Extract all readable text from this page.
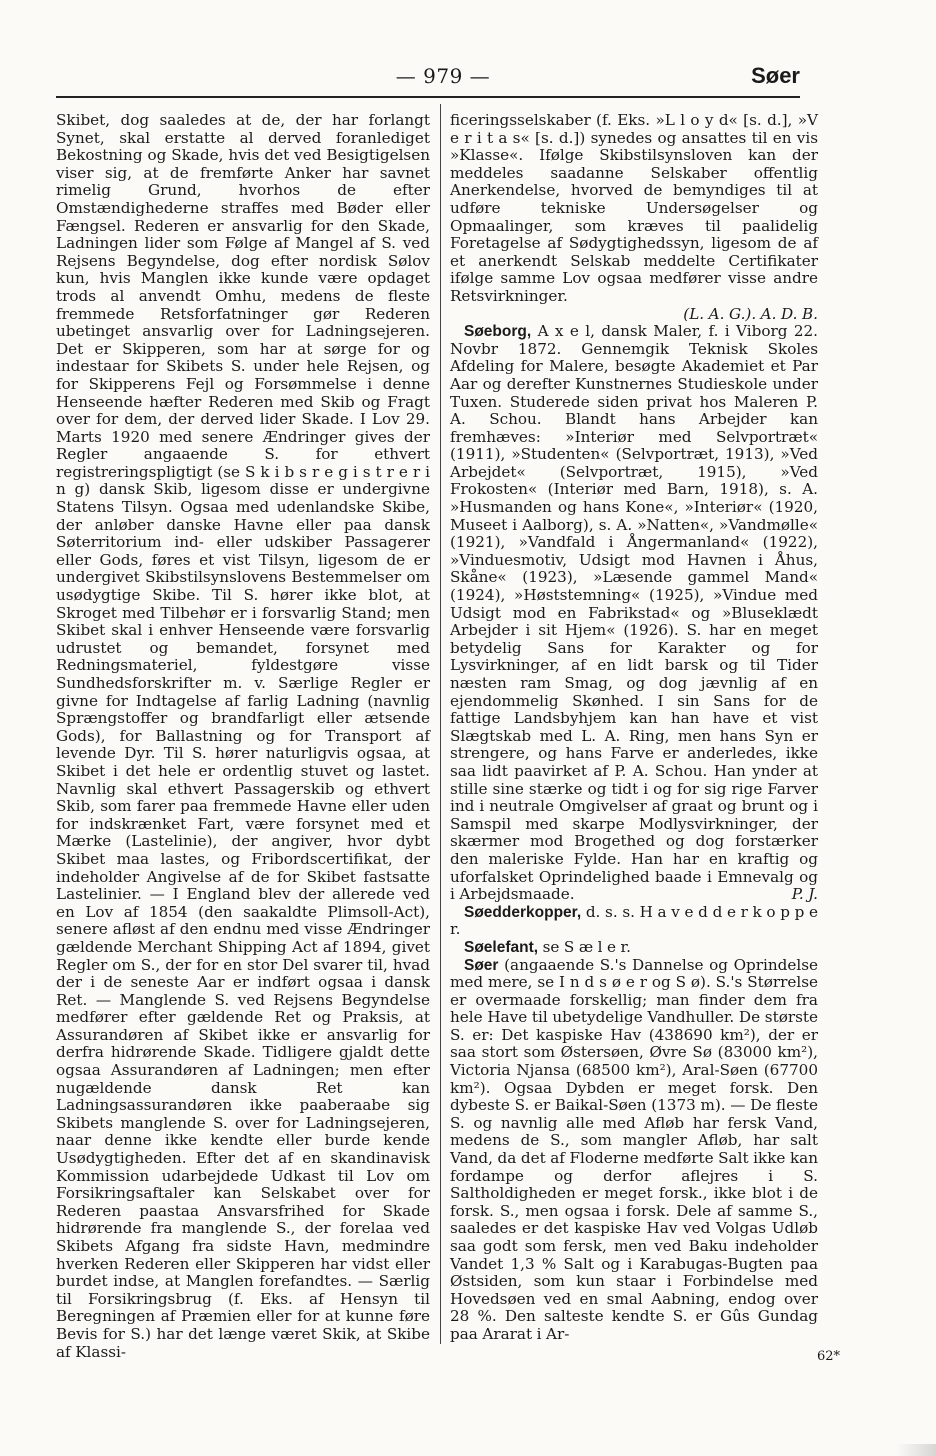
— 979 —	Søer

Skibet, dog saaledes at de, der har forlangt Synet, skal erstatte al derved foranlediget Bekostning og Skade, hvis det ved Besigtigelsen viser sig, at de fremførte Anker har savnet rimelig Grund, hvorhos de efter Omstændighederne straffes med Bøder eller Fængsel. Rederen er ansvarlig for den Skade, Ladningen lider som Følge af Mangel af S. ved Rejsens Begyndelse, dog efter nordisk Sølov kun, hvis Manglen ikke kunde være opdaget trods al anvendt Omhu, medens de fleste fremmede Retsforfatninger gør Rederen ubetinget ansvarlig over for Ladningsejeren. Det er Skipperen, som har at sørge for og indestaar for Skibets S. under hele Rejsen, og for Skipperens Fejl og Forsømmelse i denne Henseende hæfter Rederen med Skib og Fragt over for dem, der derved lider Skade. I Lov 29. Marts 1920 med senere Ændringer gives der Regler angaaende S. for ethvert registreringspligtigt (se S k i b s r e g i s t r e r i n g) dansk Skib, ligesom disse er undergivne Statens Tilsyn. Ogsaa med udenlandske Skibe, der anløber danske Havne eller paa dansk Søterritorium ind- eller udskiber Passagerer eller Gods, føres et vist Tilsyn, ligesom de er undergivet Skibstilsynslovens Bestemmelser om usødygtige Skibe. Til S. hører ikke blot, at Skroget med Tilbehør er i forsvarlig Stand; men Skibet skal i enhver Henseende være forsvarlig udrustet og bemandet, forsynet med Redningsmateriel, fyldestgøre visse Sundhedsforskrifter m. v. Særlige Regler er givne for Indtagelse af farlig Ladning (navnlig Sprængstoffer og brandfarligt eller ætsende Gods), for Ballastning og for Transport af levende Dyr. Til S. hører naturligvis ogsaa, at Skibet i det hele er ordentlig stuvet og lastet. Navnlig skal ethvert Passagerskib og ethvert Skib, som farer paa fremmede Havne eller uden for indskrænket Fart, være forsynet med et Mærke (Lastelinie), der angiver, hvor dybt Skibet maa lastes, og Fribordscertifikat, der indeholder Angivelse af de for Skibet fastsatte Lastelinier. — I England blev der allerede ved en Lov af 1854 (den saakaldte Plimsoll-Act), senere afløst af den endnu med visse Ændringer gældende Merchant Shipping Act af 1894, givet Regler om S., der for en stor Del svarer til, hvad der i de seneste Aar er indført ogsaa i dansk Ret. — Manglende S. ved Rejsens Begyndelse medfører efter gældende Ret og Praksis, at Assurandøren af Skibet ikke er ansvarlig for derfra hidrørende Skade. Tidligere gjaldt dette ogsaa Assurandøren af Ladningen; men efter nugældende dansk Ret kan Ladningsassurandøren ikke paaberaabe sig Skibets manglende S. over for Ladningsejeren, naar denne ikke kendte eller burde kende Usødygtigheden. Efter det af en skandinavisk Kommission udarbejdede Udkast til Lov om Forsikringsaftaler kan Selskabet over for Rederen paastaa Ansvarsfrihed for Skade hidrørende fra manglende S., der forelaa ved Skibets Afgang fra sidste Havn, medmindre hverken Rederen eller Skipperen har vidst eller burdet indse, at Manglen forefandtes. — Særlig til Forsikringsbrug (f. Eks. af Hensyn til Beregningen af Præmien eller for at kunne føre Bevis for S.) har det længe været Skik, at Skibe af Klassi-

ficeringsselskaber (f. Eks. »L l o y d« [s. d.], »V e r i t a s« [s. d.]) synedes og ansattes til en vis »Klasse«. Ifølge Skibstilsynsloven kan der meddeles saadanne Selskaber offentlig Anerkendelse, hvorved de bemyndiges til at udføre tekniske Undersøgelser og Opmaalinger, som kræves til paalidelig Foretagelse af Sødygtighedssyn, ligesom de af et anerkendt Selskab meddelte Certifikater ifølge samme Lov ogsaa medfører visse andre Retsvirkninger.

(L. A. G.). A. D. B.

Søeborg, A x e l, dansk Maler, f. i Viborg 22. Novbr 1872. Gennemgik Teknisk Skoles Afdeling for Malere, besøgte Akademiet et Par Aar og derefter Kunstnernes Studieskole under Tuxen. Studerede siden privat hos Maleren P. A. Schou. Blandt hans Arbejder kan fremhæves: »Interiør med Selvportræt« (1911), »Studenten« (Selvportræt, 1913), »Ved Arbejdet« (Selvportræt, 1915), »Ved Frokosten« (Interiør med Barn, 1918), s. A. »Husmanden og hans Kone«, »Interiør« (1920, Museet i Aalborg), s. A. »Natten«, »Vandmølle« (1921), »Vandfald i Ångermanland« (1922), »Vinduesmotiv, Udsigt mod Havnen i Åhus, Skåne« (1923), »Læsende gammel Mand« (1924), »Høststemning« (1925), »Vindue med Udsigt mod en Fabrikstad« og »Bluseklædt Arbejder i sit Hjem« (1926). S. har en meget betydelig Sans for Karakter og for Lysvirkninger, af en lidt barsk og til Tider næsten ram Smag, og dog jævnlig af en ejendommelig Skønhed. I sin Sans for de fattige Landsbyhjem kan han have et vist Slægtskab med L. A. Ring, men hans Syn er strengere, og hans Farve er anderledes, ikke saa lidt paavirket af P. A. Schou. Han ynder at stille sine stærke og tidt i og for sig rige Farver ind i neutrale Omgivelser af graat og brunt og i Samspil med skarpe Modlysvirkninger, der skærmer mod Brogethed og dog forstærker den maleriske Fylde. Han har en kraftig og uforfalsket Oprindelighed baade i Emnevalg og i Arbejdsmaade.	P. J.

Søedderkopper, d. s. s. H a v e d d e r k o p p e r.

Søelefant, se S æ l e r.

Søer (angaaende S.'s Dannelse og Oprindelse med mere, se I n d s ø e r og S ø). S.'s Størrelse er overmaade forskellig; man finder dem fra hele Have til ubetydelige Vandhuller. De største S. er: Det kaspiske Hav (438690 km²), der er saa stort som Østersøen, Øvre Sø (83000 km²), Victoria Njansa (68500 km²), Aral-Søen (67700 km²). Ogsaa Dybden er meget forsk. Den dybeste S. er Baikal-Søen (1373 m). — De fleste S. og navnlig alle med Afløb har fersk Vand, medens de S., som mangler Afløb, har salt Vand, da det af Floderne medførte Salt ikke kan fordampe og derfor aflejres i S. Saltholdigheden er meget forsk., ikke blot i de forsk. S., men ogsaa i forsk. Dele af samme S., saaledes er det kaspiske Hav ved Volgas Udløb saa godt som fersk, men ved Baku indeholder Vandet 1,3 % Salt og i Karabugas-Bugten paa Østsiden, som kun staar i Forbindelse med Hovedsøen ved en smal Aabning, endog over 28 %. Den salteste kendte S. er Gûs Gundag paa Ararat i Ar-

62*
